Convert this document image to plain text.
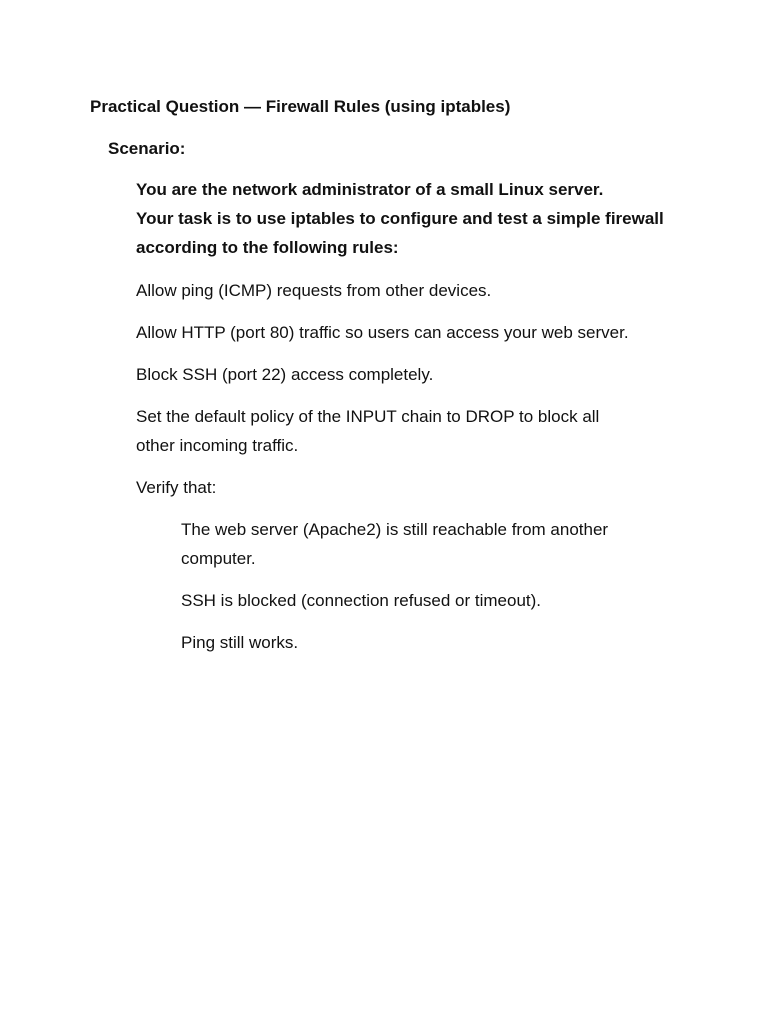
Practical Question — Firewall Rules (using iptables)

Scenario:

You are the network administrator of a small Linux server.
Your task is to use iptables to configure and test a simple firewall
according to the following rules:

Allow ping (ICMP) requests from other devices.

Allow HTTP (port 80) traffic so users can access your web server.

Block SSH (port 22) access completely.

Set the default policy of the INPUT chain to DROP to block all
other incoming traffic.

Verify that:

The web server (Apache2) is still reachable from another
computer.

SSH is blocked (connection refused or timeout).

Ping still works.
